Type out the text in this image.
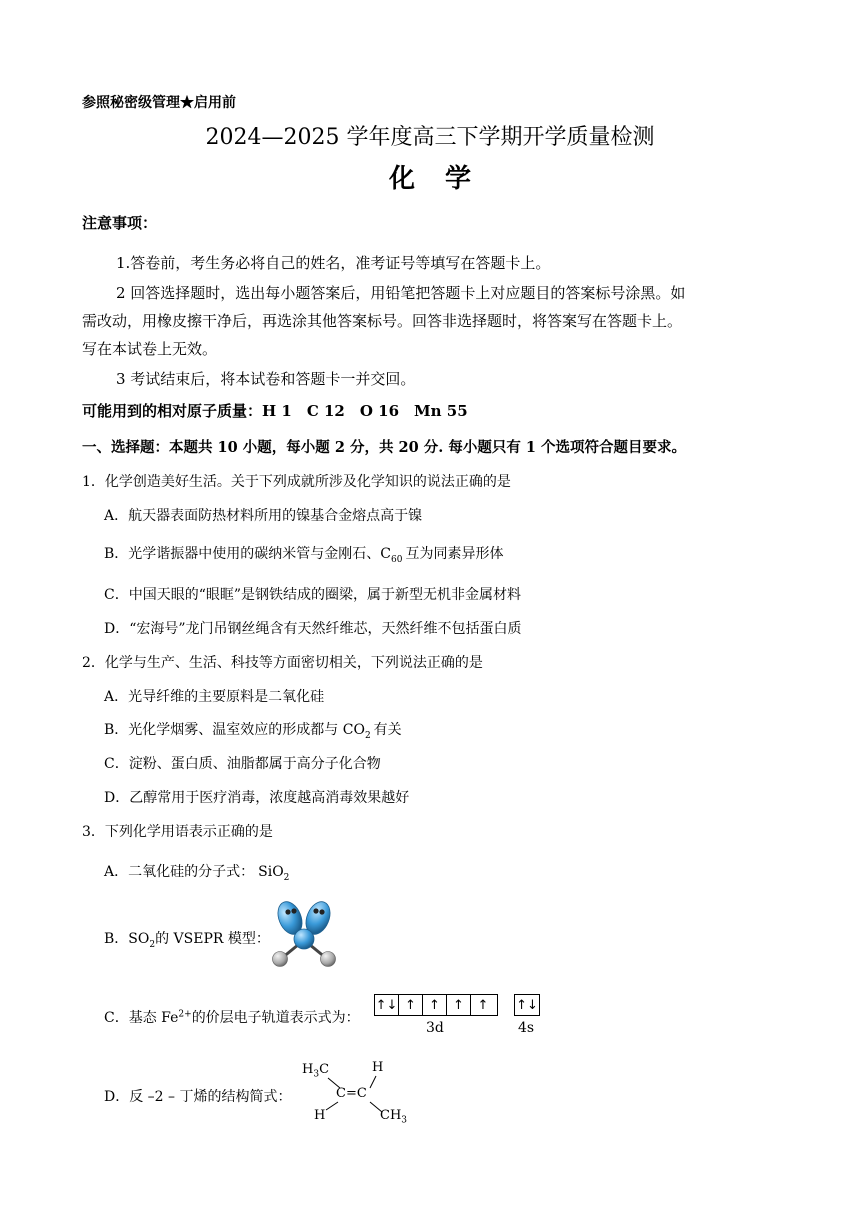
参照秘密级管理★启用前
2024—2025 学年度高三下学期开学质量检测
化学
注意事项：
1.答卷前，考生务必将自己的姓名，准考证号等填写在答题卡上。
2 回答选择题时，选出每小题答案后，用铅笔把答题卡上对应题目的答案标号涂黑。如
需改动，用橡皮擦干净后，再选涂其他答案标号。回答非选择题时，将答案写在答题卡上。
写在本试卷上无效。
3 考试结束后，将本试卷和答题卡一并交回。
可能用到的相对原子质量：H 1　C 12　O 16　Mn 55
一、选择题：本题共 10 小题，每小题 2 分，共 20 分. 每小题只有 1 个选项符合题目要求。
1．化学创造美好生活。关于下列成就所涉及化学知识的说法正确的是
A．航天器表面防热材料所用的镍基合金熔点高于镍
B．光学谐振器中使用的碳纳米管与金刚石、$C_{60}$ 互为同素异形体
C．中国天眼的“眼眶”是钢铁结成的圈梁，属于新型无机非金属材料
D．“宏海号”龙门吊钢丝绳含有天然纤维芯，天然纤维不包括蛋白质
2．化学与生产、生活、科技等方面密切相关，下列说法正确的是
A．光导纤维的主要原料是二氧化硅
B．光化学烟雾、温室效应的形成都与 $CO_2$ 有关
C．淀粉、蛋白质、油脂都属于高分子化合物
D．乙醇常用于医疗消毒，浓度越高消毒效果越好
3．下列化学用语表示正确的是
A．二氧化硅的分子式： SiO$_2$
B．$SO_2$的 VSEPR 模型：
C．基态 $Fe^{2+}$的价层电子轨道表示式为：
↑↓ ↑	↑	↑	↑	↑↓
3d	4s
D．反 –2 – 丁烯的结构简式：
$H_3C$	H
C=C
H	$CH_3$
